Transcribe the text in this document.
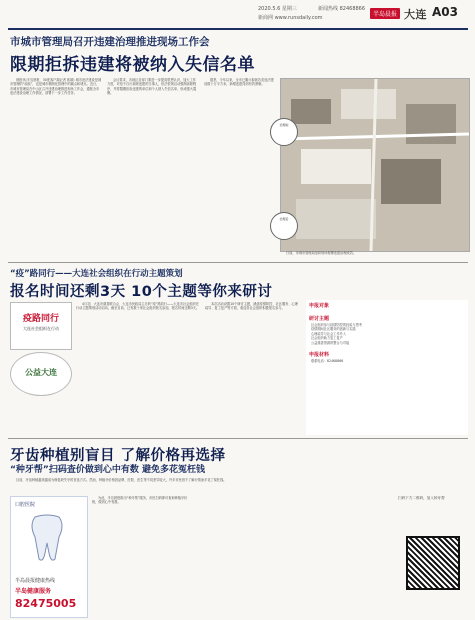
2020.5.6 星期三	新闻热线 82468866
新商网 www.runsdaily.com	半岛晨报 大连 A03
市城市管理局召开违建治理推进现场工作会
限期拒拆违建将被纳入失信名单

晨报讯(半岛晨报、30度客户端记者 郭颖) 城市违法建设是城市管理的“顽疾”，也是城市精细化管理中的痛点和堵点。近日，市城市管理局在中山区召开违建治理推进现场工作会，通报全市违法建设治理工作情况，部署下一步工作任务。

会议要求，各地区各部门要进一步提高思想认识，加大工作力度，对拒不自行拆除违建的当事人，依法依规启动强制拆除程序，并将限期拒拆违建的单位和个人纳入失信名单，形成强大震慑。

据悉，今年以来，全市已累计拆除各类违法建设数十万平方米，新增违建得到有效遏制。

治理前

治理后
日前，市城市管理局组织现场观摩违建治理成效。
“疫”路同行——大连社会组织在行动主题策划
报名时间还剩3天 10个主题等你来研讨
疫路同行
大连社会组织在行动
公益大连

4月初，大连市慈善联合会、大连市民政局主办的“疫”路同行——大连市社会组织在行动主题策划活动启动。截至目前，已有数十家社会组织报名参加，报名时间还剩3天。

本次活动设置10个研讨主题，涵盖疫情防控、社区服务、心理疏导、复工复产等方面，欢迎各社会组织积极报名参与。	申报对象
研讨主题
社会组织参与疫情防控的经验与思考
疫情期间社区服务的创新与实践
心理疏导与社会工作介入
社会组织助力复工复产
公益慈善资源的整合与对接
申报材料
联系电话：82468866
牙齿种植别盲目 了解价格再选择
“种牙帮”扫码查价做到心中有数 避免多花冤枉钱

目前，牙齿种植越来越成为修复缺失牙的首选方式。然而，种植牙价格因品牌、医院、医生等不同差异较大，许多市民因不了解行情而多花了冤枉钱。

口腔医院
半岛晨报健康热线
半岛健康服务
82475005

为此，半岛晨报推出“种牙帮”服务，市民扫码即可查询种植牙价格，做到心中有数。

扫码下方二维码，加入种牙帮
